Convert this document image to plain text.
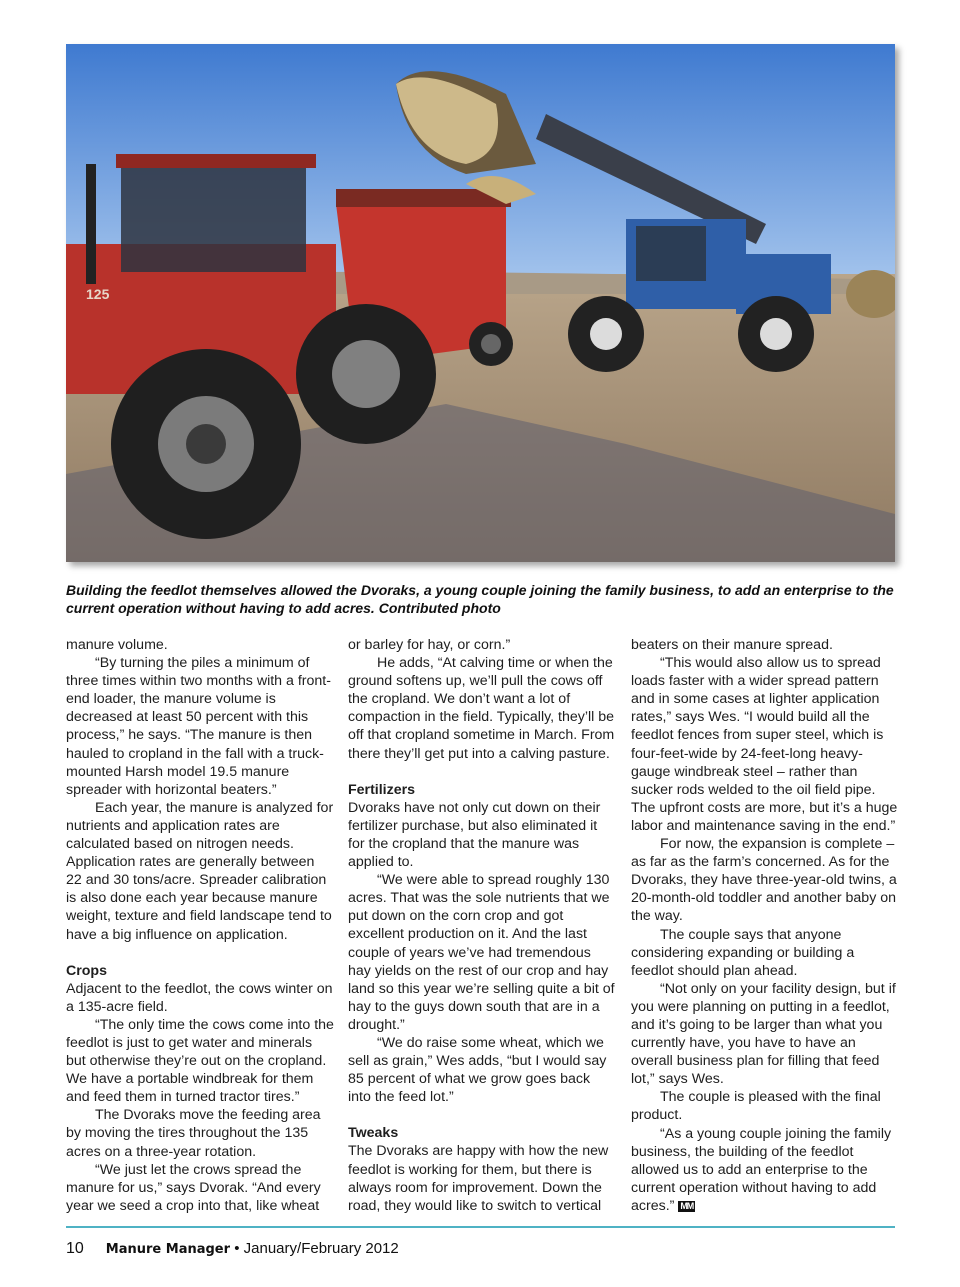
125
Building the feedlot themselves allowed the Dvoraks, a young couple joining the family business, to add an enterprise to the current operation without having to add acres. Contributed photo

manure volume.

“By turning the piles a minimum of three times within two months with a front-end loader, the manure volume is decreased at least 50 percent with this process,” he says. “The manure is then hauled to cropland in the fall with a truck-mounted Harsh model 19.5 manure spreader with horizontal beaters.”

Each year, the manure is analyzed for nutrients and application rates are calculated based on nitrogen needs. Application rates are generally between 22 and 30 tons/acre. Spreader calibration is also done each year because manure weight, texture and field landscape tend to have a big influence on application.

Crops

Adjacent to the feedlot, the cows winter on a 135-acre field.

“The only time the cows come into the feedlot is just to get water and minerals but otherwise they’re out on the cropland. We have a portable windbreak for them and feed them in turned tractor tires.”

The Dvoraks move the feeding area by moving the tires throughout the 135 acres on a three-year rotation.

“We just let the crows spread the manure for us,” says Dvorak. “And every year we seed a crop into that, like wheat

or barley for hay, or corn.”

He adds, “At calving time or when the ground softens up, we’ll pull the cows off the cropland. We don’t want a lot of compaction in the field. Typically, they’ll be off that cropland sometime in March. From there they’ll get put into a calving pasture.

Fertilizers

Dvoraks have not only cut down on their fertilizer purchase, but also eliminated it for the cropland that the manure was applied to.

“We were able to spread roughly 130 acres. That was the sole nutrients that we put down on the corn crop and got excellent production on it. And the last couple of years we’ve had tremendous hay yields on the rest of our crop and hay land so this year we’re selling quite a bit of hay to the guys down south that are in a drought.”

“We do raise some wheat, which we sell as grain,” Wes adds, “but I would say 85 percent of what we grow goes back into the feed lot.”

Tweaks

The Dvoraks are happy with how the new feedlot is working for them, but there is always room for improvement. Down the road, they would like to switch to vertical

beaters on their manure spread.

“This would also allow us to spread loads faster with a wider spread pattern and in some cases at lighter application rates,” says Wes. “I would build all the feedlot fences from super steel, which is four-feet-wide by 24-feet-long heavy-gauge windbreak steel – rather than sucker rods welded to the oil field pipe. The upfront costs are more, but it’s a huge labor and maintenance saving in the end.”

For now, the expansion is complete – as far as the farm’s concerned. As for the Dvoraks, they have three-year-old twins, a 20-month-old toddler and another baby on the way.

The couple says that anyone considering expanding or building a feedlot should plan ahead.

“Not only on your facility design, but if you were planning on putting in a feedlot, and it’s going to be larger than what you currently have, you have to have an overall business plan for filling that feed lot,” says Wes.

The couple is pleased with the final product.

“As a young couple joining the family business, the building of the feedlot allowed us to add an enterprise to the current operation without having to add acres.” MM

10 Manure Manager • January/February 2012
